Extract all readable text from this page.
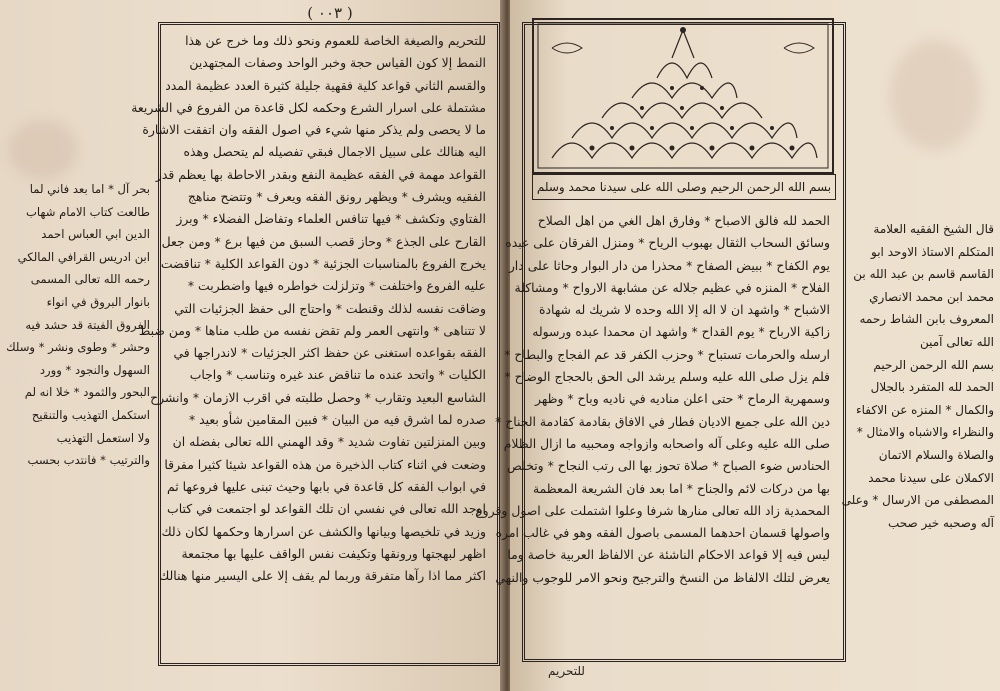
( ٠٠٣ )
للتحريم والصيغة الخاصة للعموم ونحو ذلك وما خرج عن هذا
النمط إلا كون القياس حجة وخبر الواحد وصفات المجتهدين
والقسم الثاني قواعد كلية فقهية جليلة كثيرة العدد عظيمة المدد
مشتملة على اسرار الشرع وحكمه لكل قاعدة من الفروع في الشريعة
ما لا يحصى ولم يذكر منها شيء في اصول الفقه وان اتفقت الاشارة
اليه هنالك على سبيل الاجمال فبقي تفصيله لم يتحصل وهذه
القواعد مهمة في الفقه عظيمة النفع وبقدر الاحاطة بها يعظم قدر
الفقيه ويشرف * ويظهر رونق الفقه ويعرف * وتتضح مناهج
الفتاوي وتكشف * فيها تنافس العلماء وتفاضل الفضلاء * وبرز
القارح على الجذع * وحاز قصب السبق من فيها برع * ومن جعل
يخرج الفروع بالمناسبات الجزئية * دون القواعد الكلية * تناقضت
عليه الفروع واختلفت * وتزلزلت خواطره فيها واضطربت *
وضاقت نفسه لذلك وقنطت * واحتاج الى حفظ الجزئيات التي
لا تتناهى * وانتهى العمر ولم تقض نفسه من طلب مناها * ومن ضبط
الفقه بقواعده استغنى عن حفظ اكثر الجزئيات * لاندراجها في
الكليات * واتحد عنده ما تناقض عند غيره وتناسب * واجاب
الشاسع البعيد وتقارب * وحصل طلبته في اقرب الازمان * وانشرح
صدره لما اشرق فيه من البيان * فبين المقامين شأو بعيد *
وبين المنزلتين تفاوت شديد * وقد الهمني الله تعالى بفضله ان
وضعت في اثناء كتاب الذخيرة من هذه القواعد شيئا كثيرا مفرقا
في ابواب الفقه كل قاعدة في بابها وحيث تبنى عليها فروعها ثم
اوجد الله تعالى في نفسي ان تلك القواعد لو اجتمعت في كتاب
وزيد في تلخيصها وبيانها والكشف عن اسرارها وحكمها لكان ذلك
اظهر لبهجتها ورونقها وتكيفت نفس الواقف عليها بها مجتمعة
اكثر مما اذا رآها متفرقة وربما لم يقف إلا على اليسير منها هنالك
بحر آل * اما بعد فاني لما
طالعت كتاب الامام شهاب
الدين ابي العباس احمد
ابن ادريس القرافي المالكي
رحمه الله تعالى المسمى
بانوار البروق في انواء
الفروق الفيتة قد حشد فيه
وحشر * وطوى ونشر * وسلك
السهول والنجود * وورد
البحور والثمود * خلا انه لم
استكمل التهذيب والتنقيح
ولا استعمل التهذيب
والترتيب * فانتدب بحسب
بسم الله الرحمن الرحيم وصلى الله على سيدنا محمد وسلم
الحمد لله فالق الاصباح * وفارق اهل الغي من اهل الصلاح
وسائق السحاب الثقال بهبوب الرياح * ومنزل الفرقان على عبده
يوم الكفاح * ببيض الصفاح * محذرا من دار البوار وحاثا على دار
الفلاح * المنزه في عظيم جلاله عن مشابهة الارواح * ومشاكلة
الاشباح * واشهد ان لا اله إلا الله وحده لا شريك له شهادة
زاكية الارباح * يوم القداح * واشهد ان محمدا عبده ورسوله
ارسله والحرمات تستباح * وحزب الكفر قد عم الفجاج والبطاح *
فلم يزل صلى الله عليه وسلم يرشد الى الحق بالحجاج الوضاح *
وسمهرية الرماح * حتى اعلن مناديه في ناديه وباح * وظهر
دين الله على جميع الاديان فطار في الافاق بقادمة كقادمة الجناح *
صلى الله عليه وعلى آله واصحابه وازواجه ومحبيه ما ازال الظلام
الحنادس ضوء الصباح * صلاة تحوز بها الى رتب النجاح * وتخلص
بها من دركات لائم والجناح * اما بعد فان الشريعة المعظمة
المحمدية زاد الله تعالى منارها شرفا وعلوا اشتملت على اصول وفروع
واصولها قسمان احدهما المسمى باصول الفقه وهو في غالب امره
ليس فيه إلا قواعد الاحكام الناشئة عن الالفاظ العربية خاصة وما
يعرض لتلك الالفاظ من النسخ والترجيح ونحو الامر للوجوب والنهي
للتحريم
قال الشيخ الفقيه العلامة
المتكلم الاستاذ الاوحد ابو
القاسم قاسم بن عبد الله بن
محمد ابن محمد الانصاري
المعروف بابن الشاط رحمه
الله تعالى آمين
بسم الله الرحمن الرحيم
الحمد لله المتفرد بالجلال
والكمال * المنزه عن الاكفاء
والنظراء والاشباه والامثال *
والصلاة والسلام الاتمان
الاكملان على سيدنا محمد
المصطفى من الارسال * وعلى
آله وصحبه خير صحب
